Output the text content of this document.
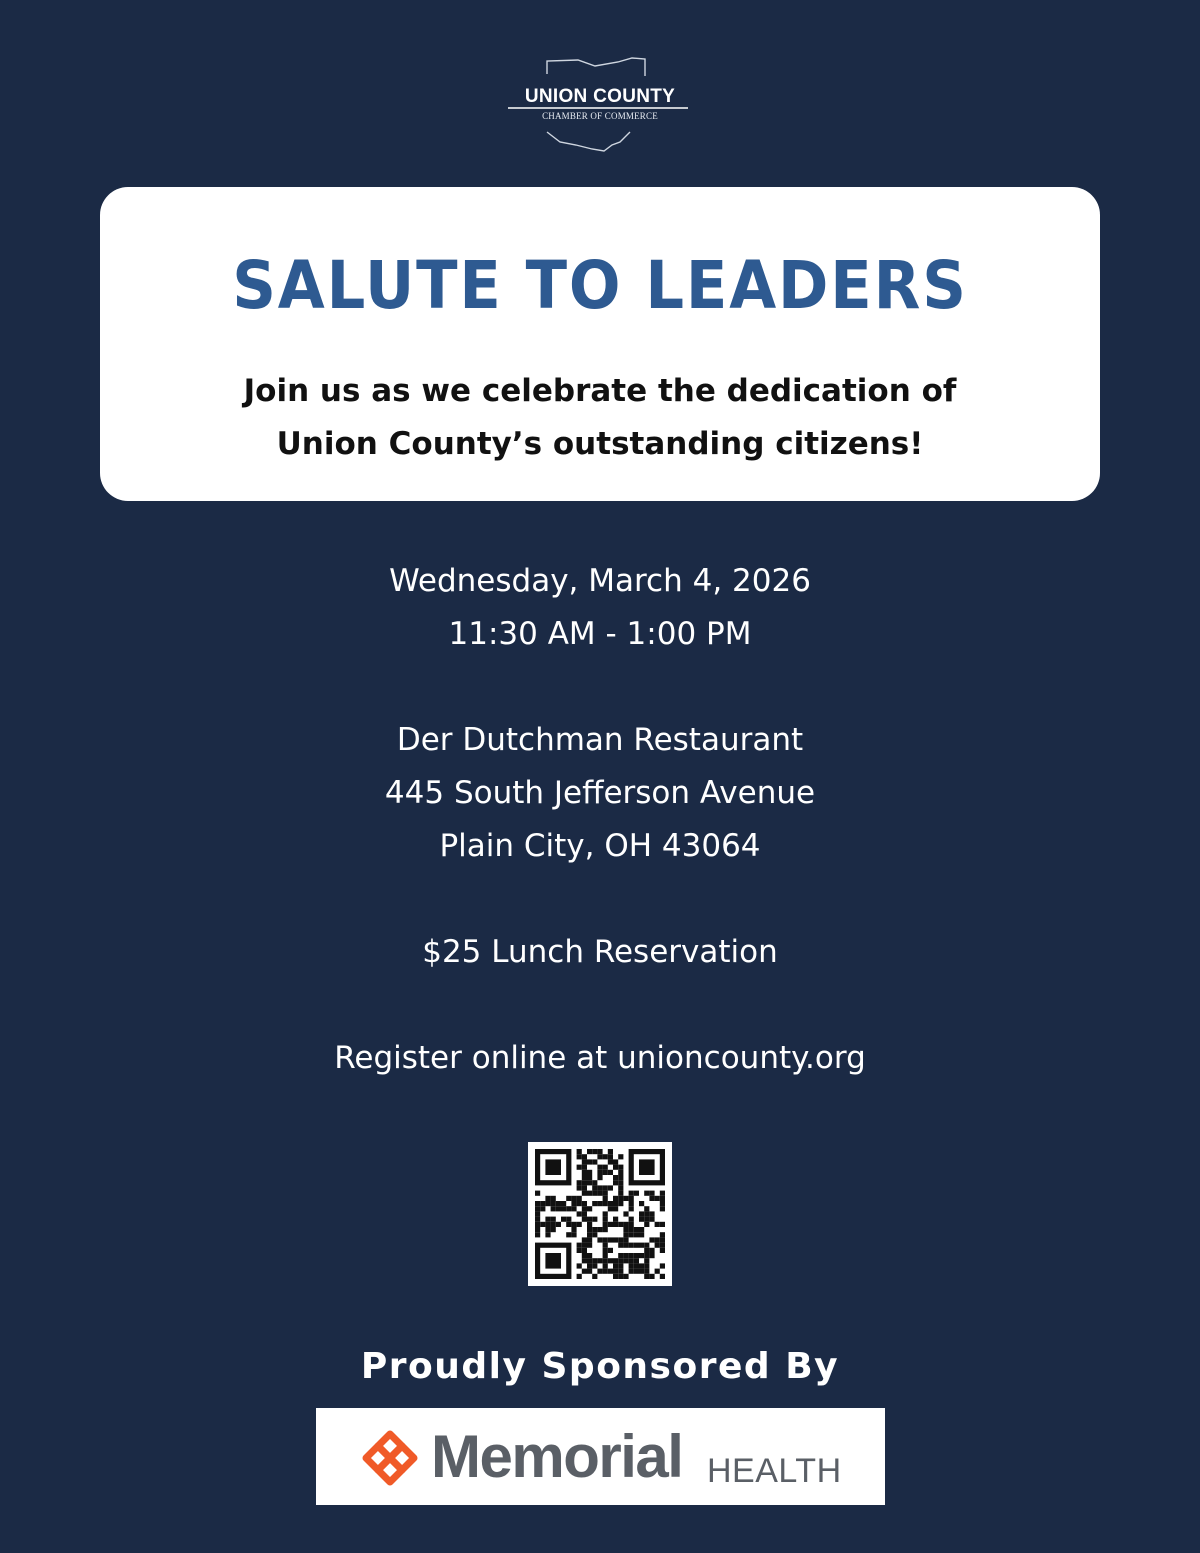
UNION COUNTY
CHAMBER OF COMMERCE
SALUTE TO LEADERS
Join us as we celebrate the dedication of
Union County’s outstanding citizens!
Wednesday, March 4, 2026
11:30 AM - 1:00 PM
Der Dutchman Restaurant
445 South Jefferson Avenue
Plain City, OH 43064
$25 Lunch Reservation
Register online at unioncounty.org
Proudly Sponsored By
Memorial HEALTH
